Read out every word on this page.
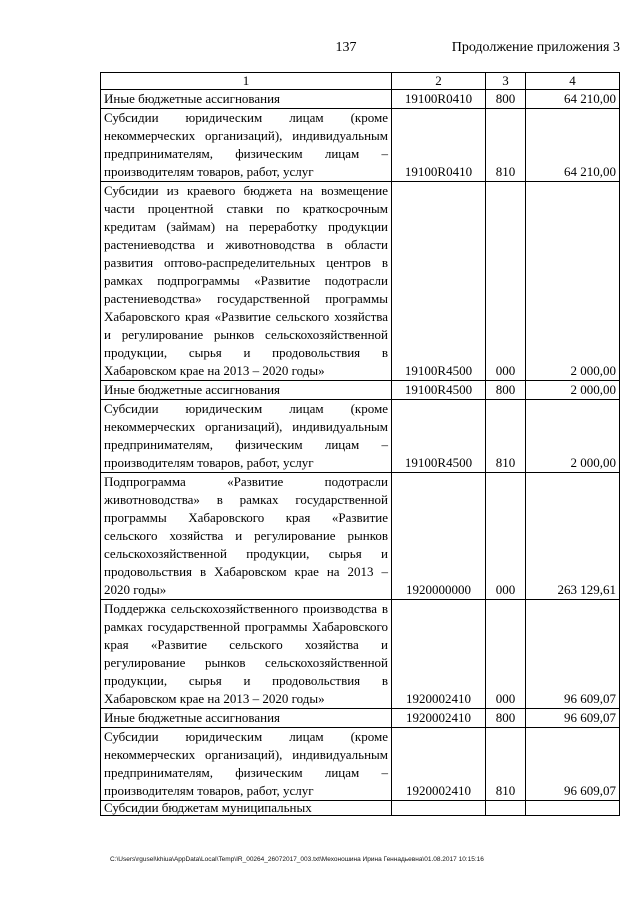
137	Продолжение приложения 3
1	2	3	4
Иные бюджетные ассигнования	19100R0410	800	64 210,00
Субсидии юридическим лицам (кроме некоммерческих организаций), индивидуальным предпринимателям, физическим лицам – производителям товаров, работ, услуг	19100R0410	810	64 210,00
Субсидии из краевого бюджета на возмещение части процентной ставки по краткосрочным кредитам (займам) на переработку продукции растениеводства и животноводства в области развития оптово-распределительных центров в рамках подпрограммы «Развитие подотрасли растениеводства» государственной программы Хабаровского края «Развитие сельского хозяйства и регулирование рынков сельскохозяйственной продукции, сырья и продовольствия в Хабаровском крае на 2013 – 2020 годы»	19100R4500	000	2 000,00
Иные бюджетные ассигнования	19100R4500	800	2 000,00
Субсидии юридическим лицам (кроме некоммерческих организаций), индивидуальным предпринимателям, физическим лицам – производителям товаров, работ, услуг	19100R4500	810	2 000,00
Подпрограмма «Развитие подотрасли животноводства» в рамках государственной программы Хабаровского края «Развитие сельского хозяйства и регулирование рынков сельскохозяйственной продукции, сырья и продовольствия в Хабаровском крае на 2013 – 2020 годы»	1920000000	000	263 129,61
Поддержка сельскохозяйственного производства в рамках государственной программы Хабаровского края «Развитие сельского хозяйства и регулирование рынков сельскохозяйственной продукции, сырья и продовольствия в Хабаровском крае на 2013 – 2020 годы»	1920002410	000	96 609,07
Иные бюджетные ассигнования	1920002410	800	96 609,07
Субсидии юридическим лицам (кроме некоммерческих организаций), индивидуальным предпринимателям, физическим лицам – производителям товаров, работ, услуг	1920002410	810	96 609,07

Субсидии бюджетам муниципальных			

C:\Users\rgusel\khiua\AppData\Local\Temp\IR_00264_26072017_003.txt\Мехоношина Ирина Геннадьевна\01.08.2017 10:15:16
